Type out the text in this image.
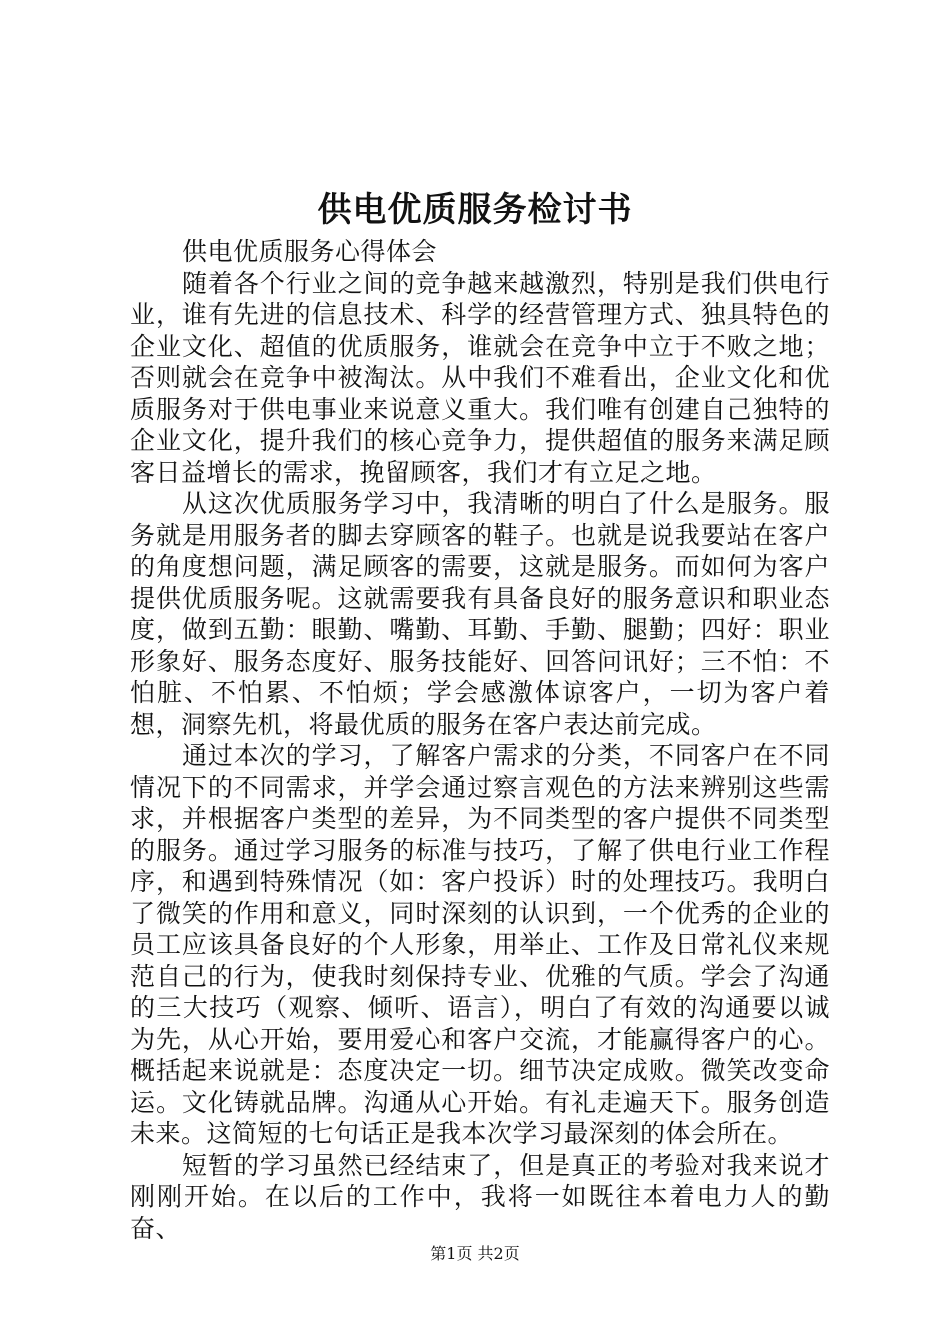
供电优质服务检讨书

供电优质服务心得体会

随着各个行业之间的竞争越来越激烈，特别是我们供电行业，谁有先进的信息技术、科学的经营管理方式、独具特色的企业文化、超值的优质服务，谁就会在竞争中立于不败之地；否则就会在竞争中被淘汰。从中我们不难看出，企业文化和优质服务对于供电事业来说意义重大。我们唯有创建自己独特的企业文化，提升我们的核心竞争力，提供超值的服务来满足顾客日益增长的需求，挽留顾客，我们才有立足之地。

从这次优质服务学习中，我清晰的明白了什么是服务。服务就是用服务者的脚去穿顾客的鞋子。也就是说我要站在客户的角度想问题，满足顾客的需要，这就是服务。而如何为客户提供优质服务呢。这就需要我有具备良好的服务意识和职业态度，做到五勤：眼勤、嘴勤、耳勤、手勤、腿勤；四好：职业形象好、服务态度好、服务技能好、回答问讯好；三不怕：不怕脏、不怕累、不怕烦；学会感激体谅客户，一切为客户着想，洞察先机，将最优质的服务在客户表达前完成。

通过本次的学习，了解客户需求的分类，不同客户在不同情况下的不同需求，并学会通过察言观色的方法来辨别这些需求，并根据客户类型的差异，为不同类型的客户提供不同类型的服务。通过学习服务的标准与技巧，了解了供电行业工作程序，和遇到特殊情况（如：客户投诉）时的处理技巧。我明白了微笑的作用和意义，同时深刻的认识到，一个优秀的企业的员工应该具备良好的个人形象，用举止、工作及日常礼仪来规范自己的行为，使我时刻保持专业、优雅的气质。学会了沟通的三大技巧（观察、倾听、语言），明白了有效的沟通要以诚为先，从心开始，要用爱心和客户交流，才能赢得客户的心。概括起来说就是：态度决定一切。细节决定成败。微笑改变命运。文化铸就品牌。沟通从心开始。有礼走遍天下。服务创造未来。这简短的七句话正是我本次学习最深刻的体会所在。

短暂的学习虽然已经结束了，但是真正的考验对我来说才刚刚开始。在以后的工作中，我将一如既往本着电力人的勤奋、

第1页 共2页
